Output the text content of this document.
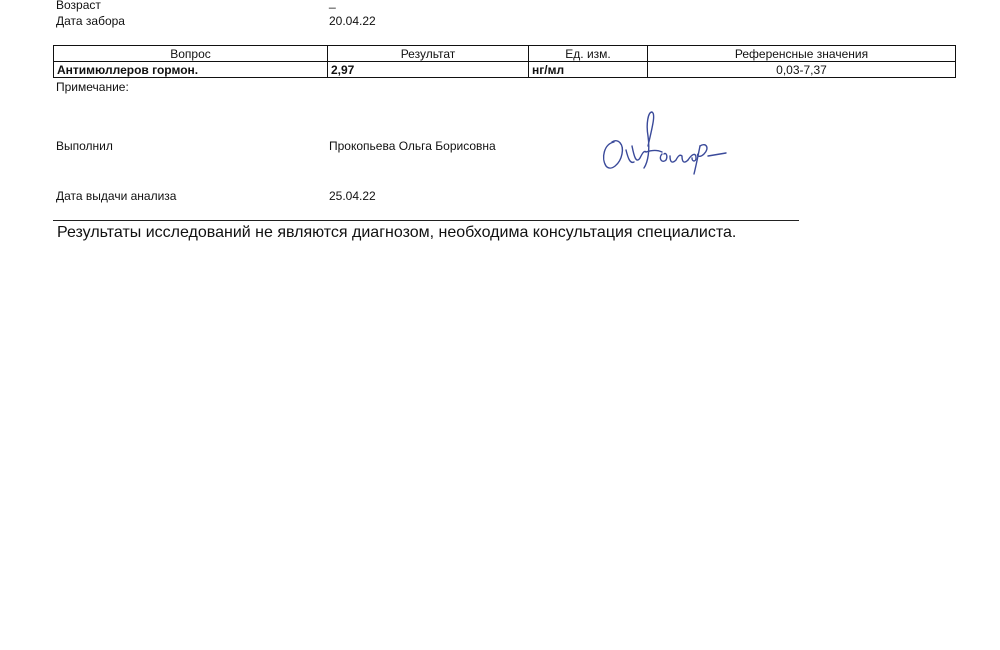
Возраст	_
Дата забора	20.04.22
Вопрос	Результат	Ед. изм.	Референсные значения
Антимюллеров гормон.	2,97	нг/мл	0,03-7,37
Примечание:
Выполнил	Прокопьева Ольга Борисовна
Дата выдачи анализа	25.04.22
Результаты исследований не являются диагнозом, необходима консультация специалиста.
